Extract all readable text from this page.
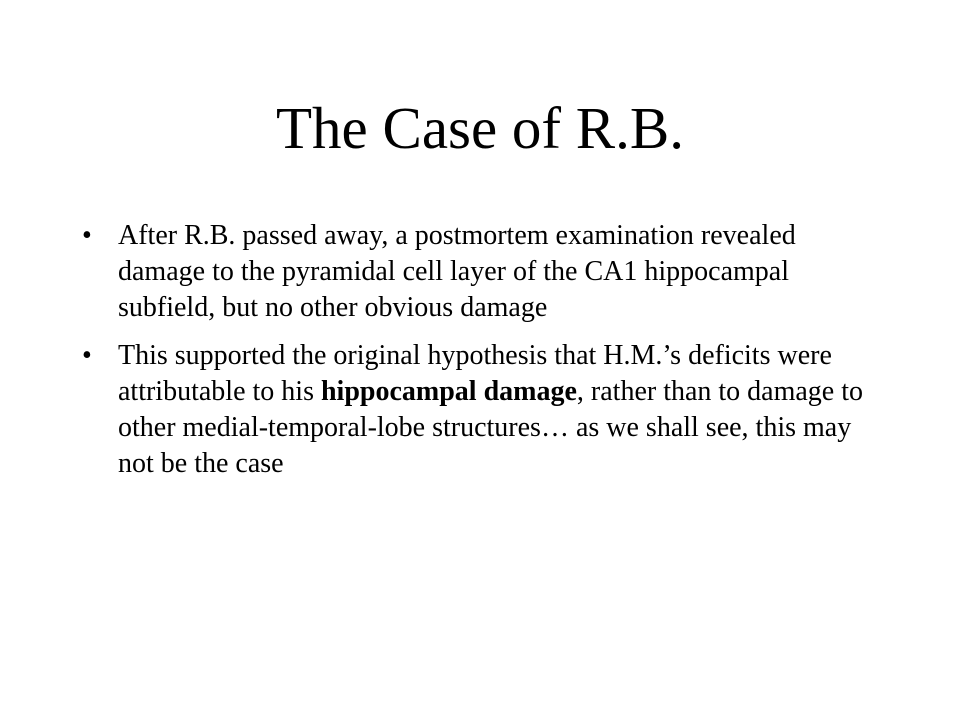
The Case of R.B.
• After R.B. passed away, a postmortem examination revealed damage to the pyramidal cell layer of the CA1 hippocampal subfield, but no other obvious damage
• This supported the original hypothesis that H.M.’s deficits were attributable to his hippocampal damage, rather than to damage to other medial-temporal-lobe structures… as we shall see, this may not be the case
